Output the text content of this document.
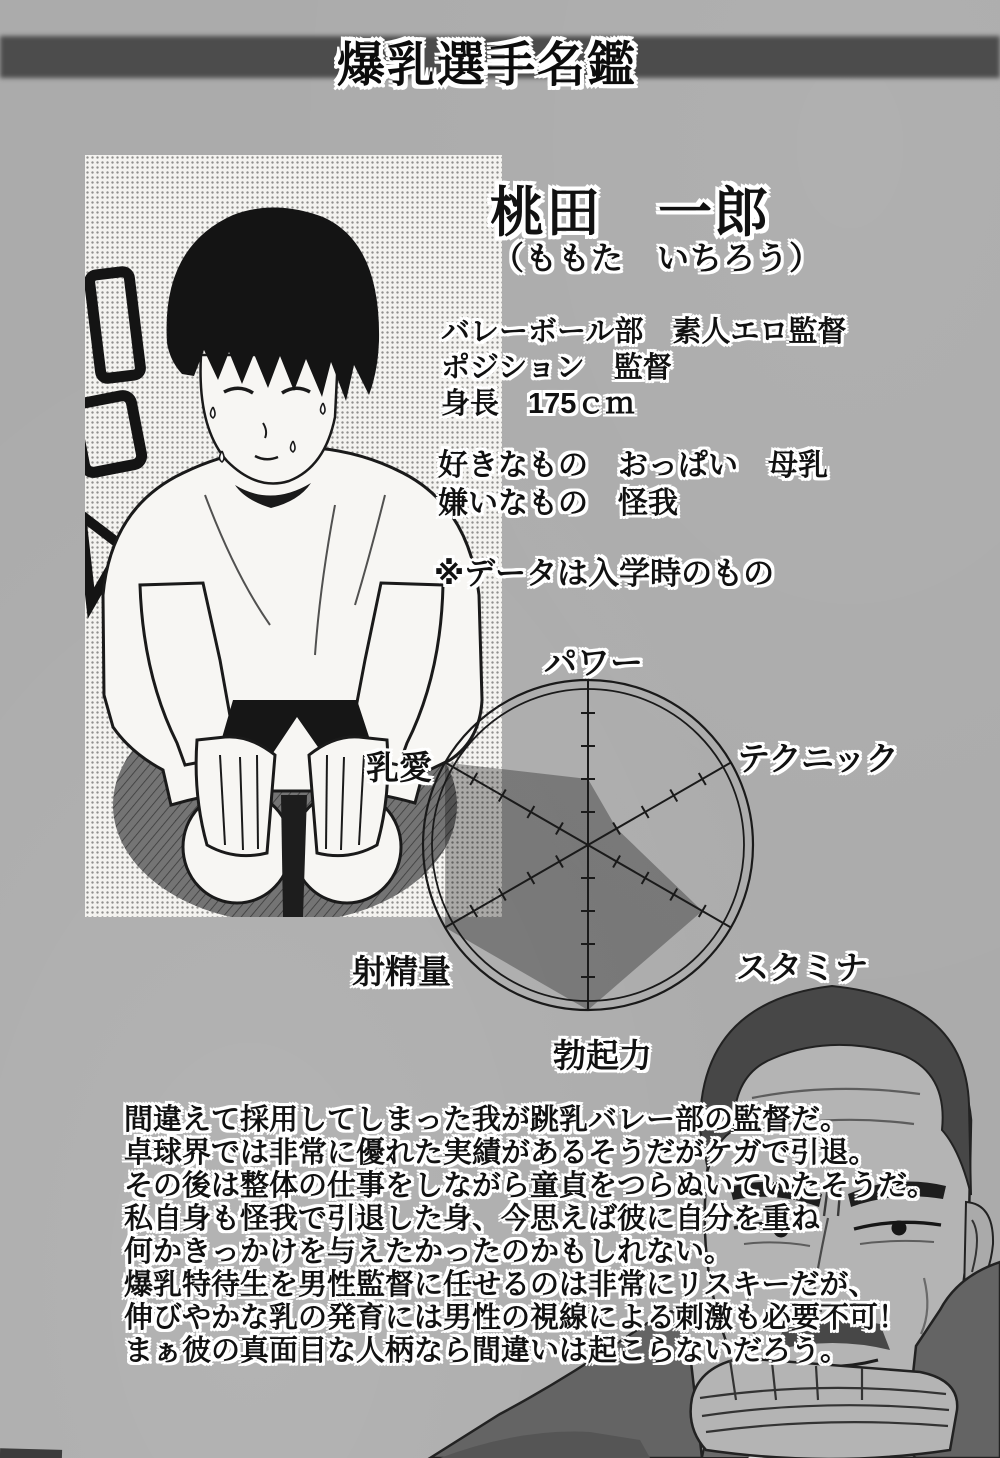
爆乳選手名鑑
桃田　一郎
（ももた　いちろう）
バレーボール部　素人エロ監督
ポジション　監督
身長　175ｃｍ
好きなもの　おっぱい　母乳
嫌いなもの　怪我
※データは入学時のもの
パワー
テクニック
スタミナ
勃起力
射精量
乳愛
間違えて採用してしまった我が跳乳バレー部の監督だ。
卓球界では非常に優れた実績があるそうだがケガで引退。
その後は整体の仕事をしながら童貞をつらぬいていたそうだ。
私自身も怪我で引退した身、今思えば彼に自分を重ね
何かきっかけを与えたかったのかもしれない。
爆乳特待生を男性監督に任せるのは非常にリスキーだが、
伸びやかな乳の発育には男性の視線による刺激も必要不可！
まぁ彼の真面目な人柄なら間違いは起こらないだろう。
